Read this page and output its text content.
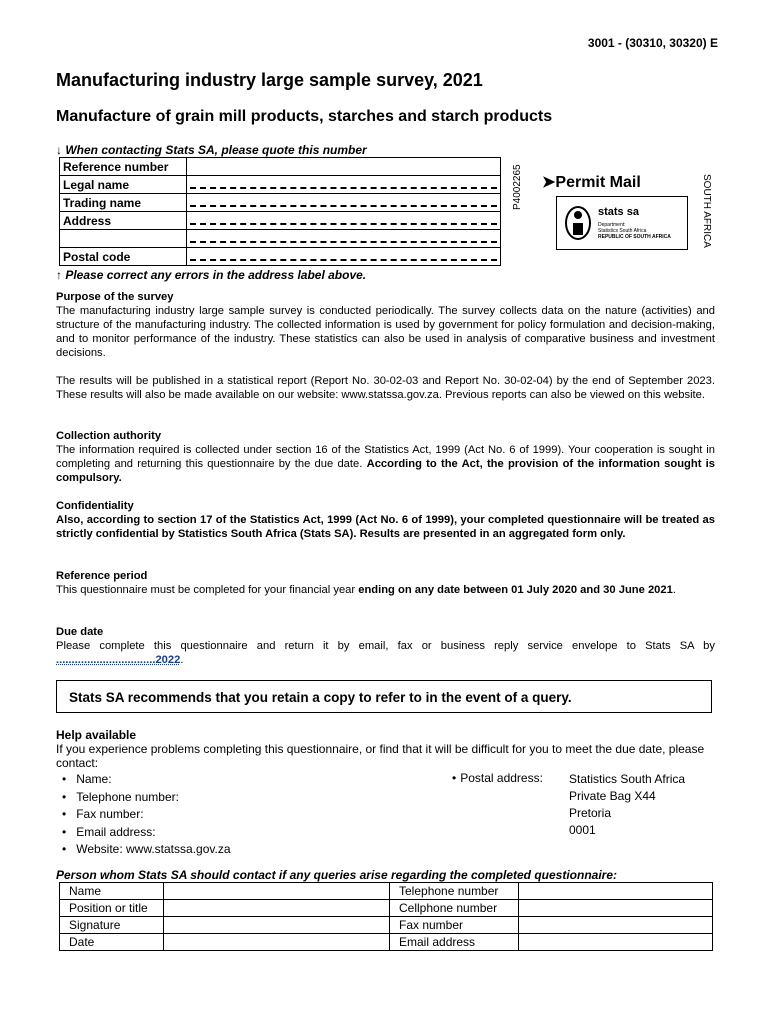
3001 - (30310, 30320) E
Manufacturing industry large sample survey, 2021
Manufacture of grain mill products, starches and starch products
↓ When contacting Stats SA, please quote this number
Reference number	
Legal name	

Trading name	

Address	

Postal code	
↑ Please correct any errors in the address label above.
P4002265 ➤Permit Mail
stats sa
Department:
Statistics South Africa
REPUBLIC OF SOUTH AFRICA	SOUTH AFRICA
Purpose of the survey

The manufacturing industry large sample survey is conducted periodically. The survey collects data on the nature (activities) and structure of the manufacturing industry. The collected information is used by government for policy formulation and decision-making, and to monitor performance of the industry. These statistics can also be used in analysis of comparative business and investment decisions.

The results will be published in a statistical report (Report No. 30-02-03 and Report No. 30-02-04) by the end of September 2023. These results will also be made available on our website: www.statssa.gov.za. Previous reports can also be viewed on this website.

Collection authority

The information required is collected under section 16 of the Statistics Act, 1999 (Act No. 6 of 1999). Your cooperation is sought in completing and returning this questionnaire by the due date. According to the Act, the provision of the information sought is compulsory.

Confidentiality

Also, according to section 17 of the Statistics Act, 1999 (Act No. 6 of 1999), your completed questionnaire will be treated as strictly confidential by Statistics South Africa (Stats SA). Results are presented in an aggregated form only.

Reference period

This questionnaire must be completed for your financial year ending on any date between 01 July 2020 and 30 June 2021.

Due date

Please complete this questionnaire and return it by email, fax or business reply service envelope to Stats SA by ................................2022.

Stats SA recommends that you retain a copy to refer to in the event of a query.
Help available

If you experience problems completing this questionnaire, or find that it will be difficult for you to meet the due date, please contact:

• Name:
• Telephone number:
• Fax number:
• Email address:
• Website: www.statssa.gov.za
• Postal address: Statistics South Africa
Private Bag X44
Pretoria
0001
Person whom Stats SA should contact if any queries arise regarding the completed questionnaire:
Name		Telephone number	
Position or title		Cellphone number	
Signature		Fax number	
Date		Email address	
